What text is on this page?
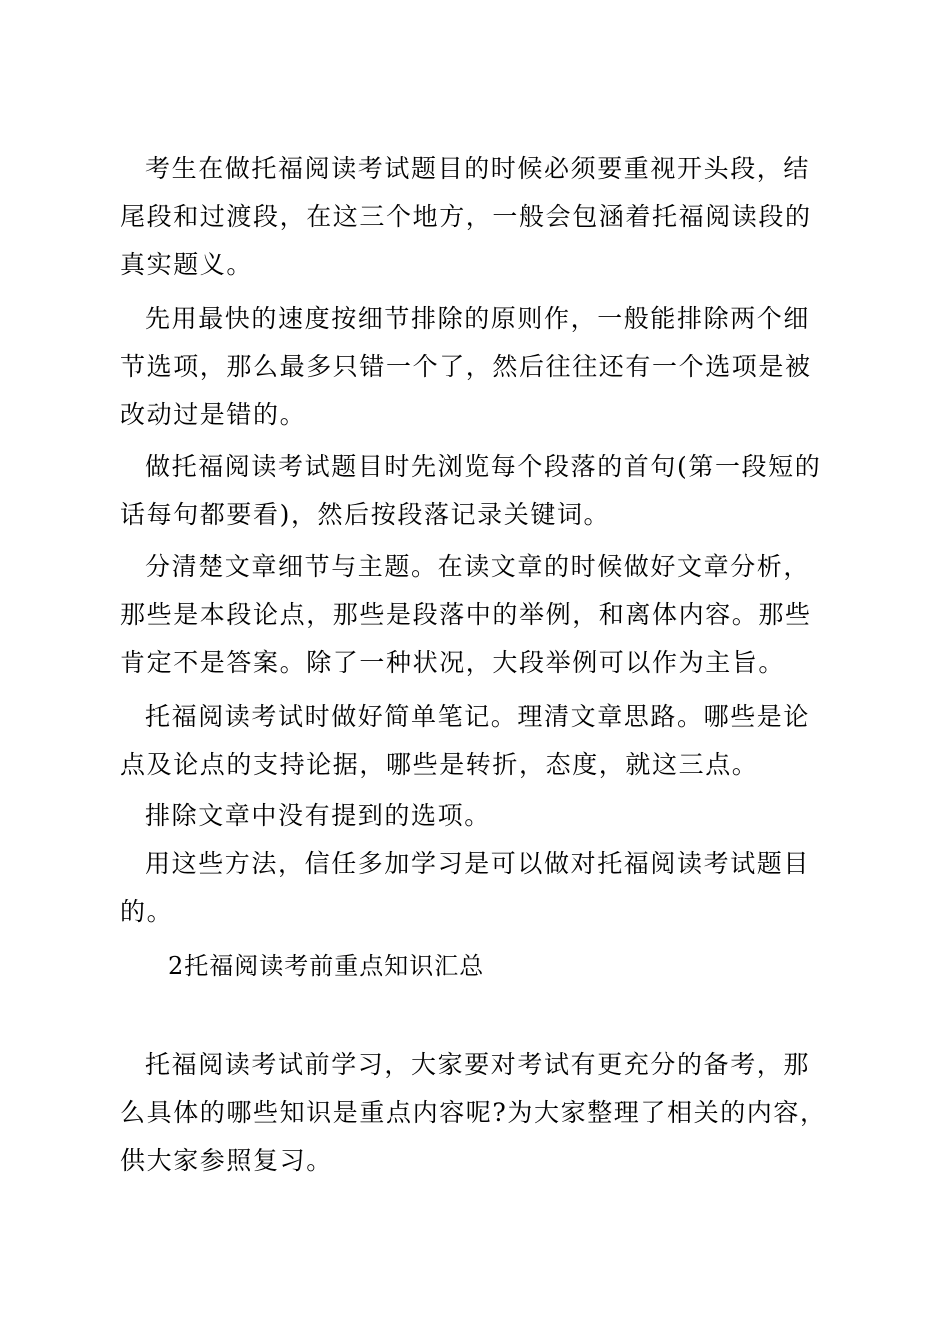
考生在做托福阅读考试题目的时候必须要重视开头段，结尾段和过渡段，在这三个地方，一般会包涵着托福阅读段的真实题义。

先用最快的速度按细节排除的原则作，一般能排除两个细节选项，那么最多只错一个了，然后往往还有一个选项是被改动过是错的。

做托福阅读考试题目时先浏览每个段落的首句(第一段短的话每句都要看)，然后按段落记录关键词。

分清楚文章细节与主题。在读文章的时候做好文章分析，那些是本段论点，那些是段落中的举例，和离体内容。那些肯定不是答案。除了一种状况，大段举例可以作为主旨。

托福阅读考试时做好简单笔记。理清文章思路。哪些是论点及论点的支持论据，哪些是转折，态度，就这三点。

排除文章中没有提到的选项。

用这些方法，信任多加学习是可以做对托福阅读考试题目的。

2托福阅读考前重点知识汇总

托福阅读考试前学习，大家要对考试有更充分的备考，那么具体的哪些知识是重点内容呢?为大家整理了相关的内容，供大家参照复习。
